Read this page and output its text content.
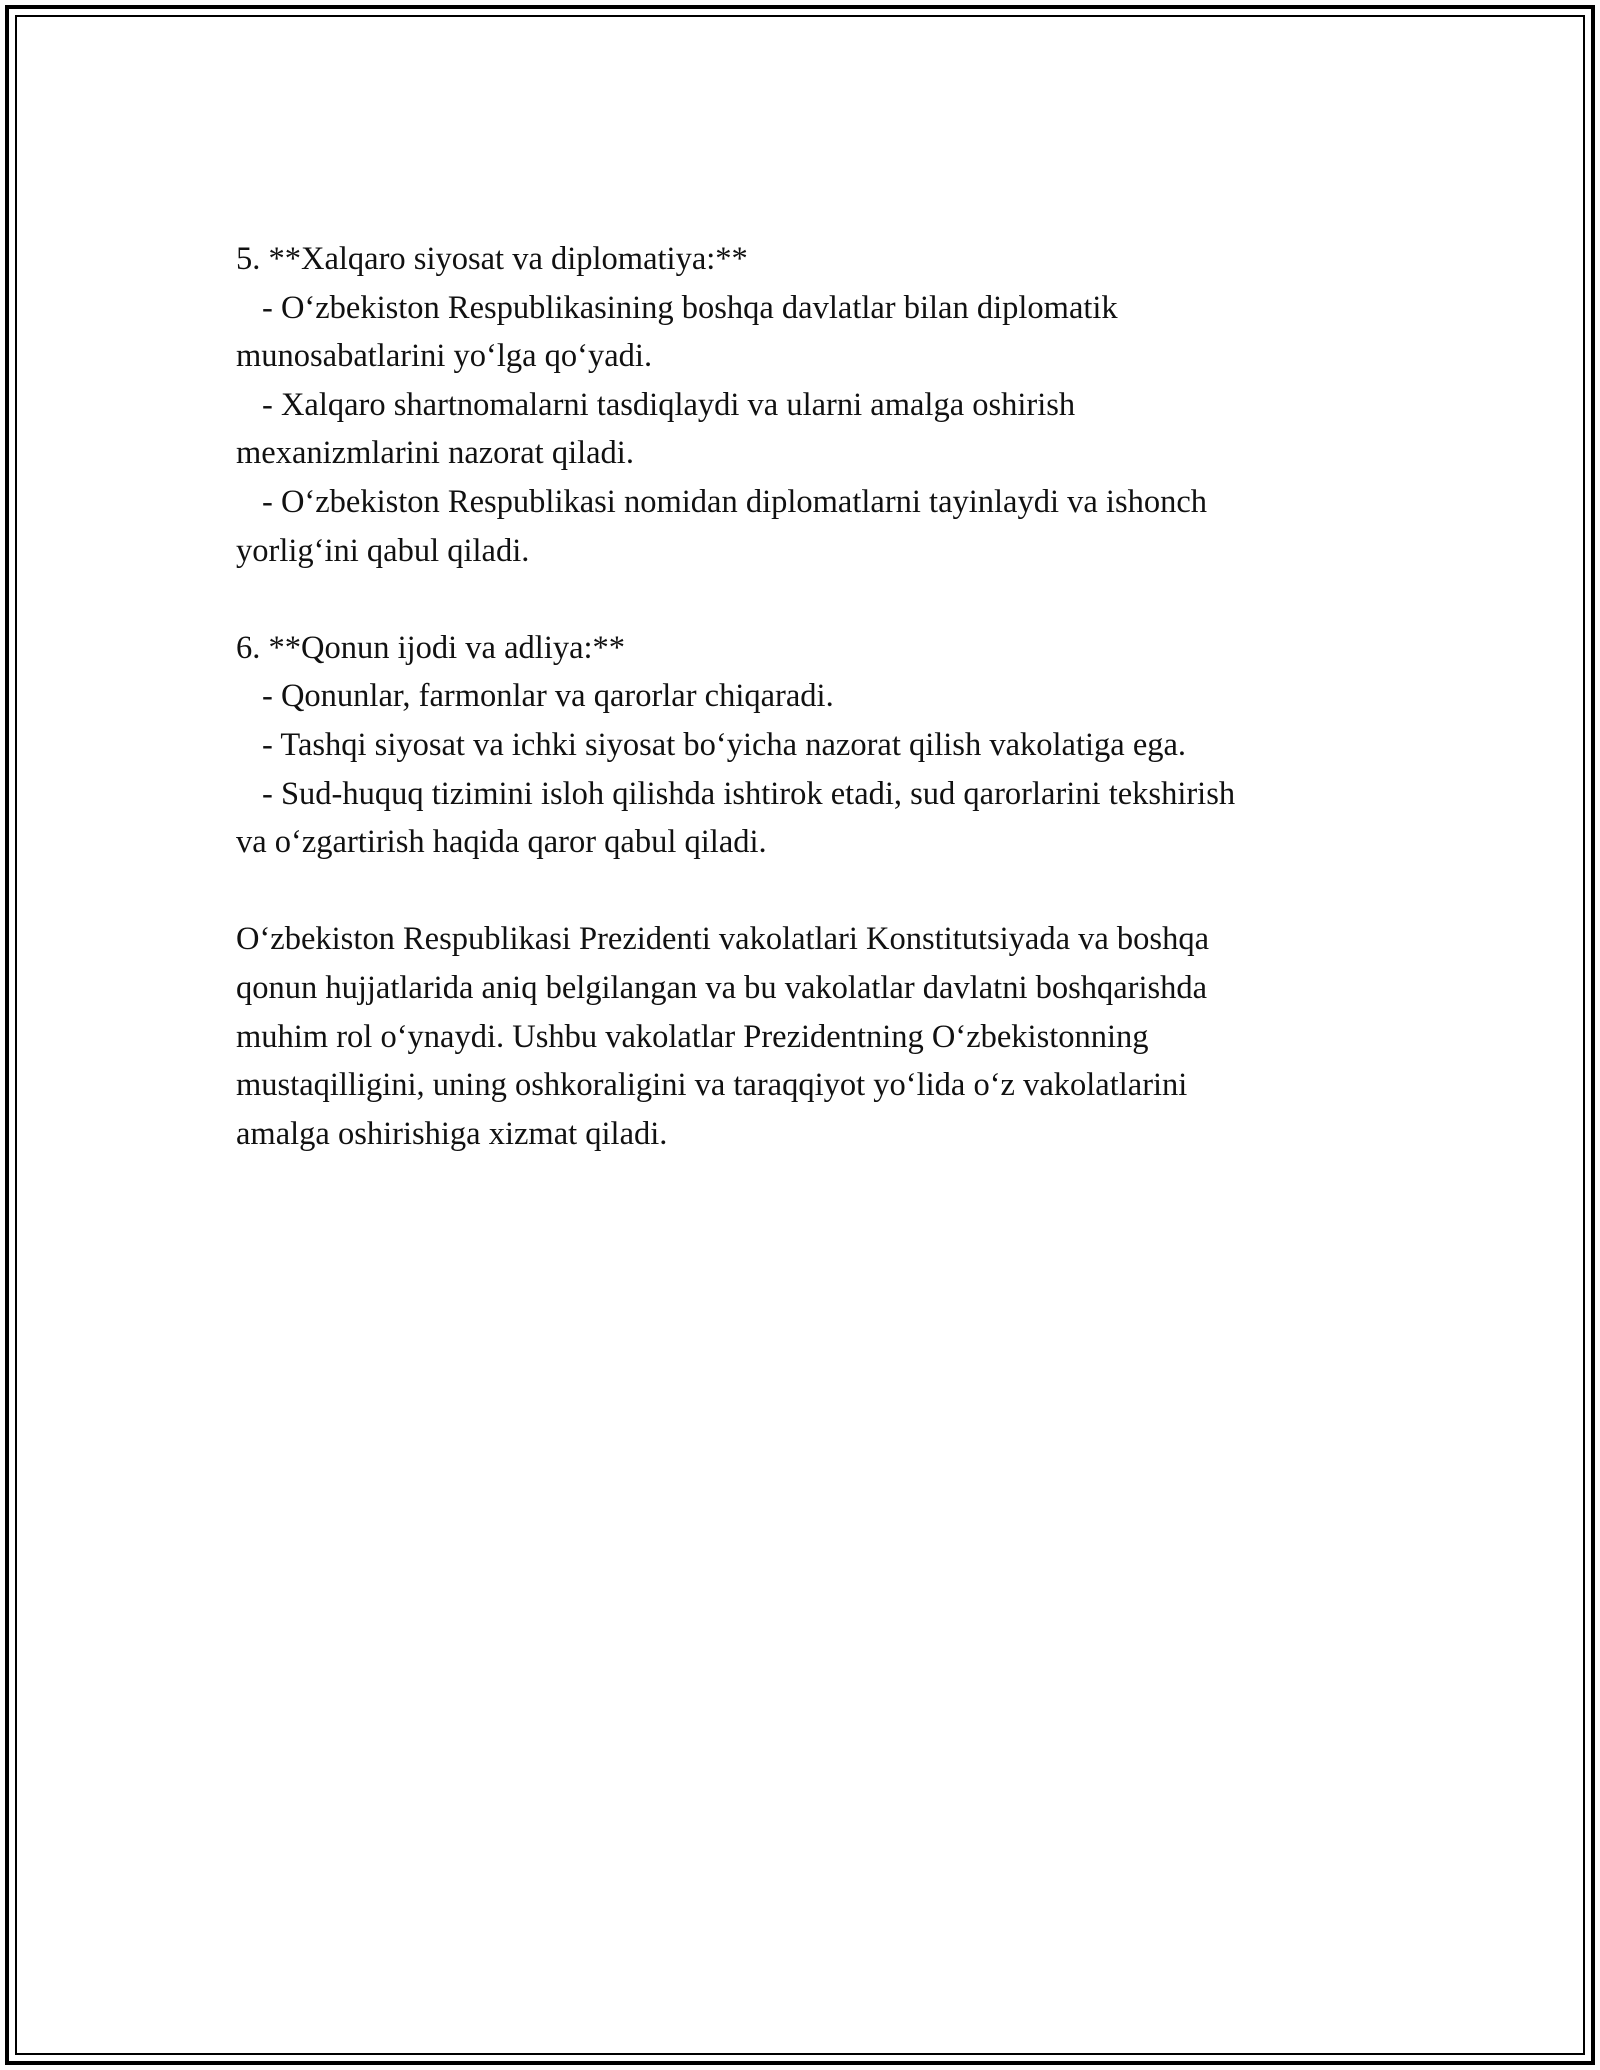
5. **Xalqaro siyosat va diplomatiya:**
- O‘zbekiston Respublikasining boshqa davlatlar bilan diplomatik
munosabatlarini yo‘lga qo‘yadi.
- Xalqaro shartnomalarni tasdiqlaydi va ularni amalga oshirish
mexanizmlarini nazorat qiladi.
- O‘zbekiston Respublikasi nomidan diplomatlarni tayinlaydi va ishonch
yorlig‘ini qabul qiladi.
6. **Qonun ijodi va adliya:**
- Qonunlar, farmonlar va qarorlar chiqaradi.
- Tashqi siyosat va ichki siyosat bo‘yicha nazorat qilish vakolatiga ega.
- Sud-huquq tizimini isloh qilishda ishtirok etadi, sud qarorlarini tekshirish
va o‘zgartirish haqida qaror qabul qiladi.
O‘zbekiston Respublikasi Prezidenti vakolatlari Konstitutsiyada va boshqa
qonun hujjatlarida aniq belgilangan va bu vakolatlar davlatni boshqarishda
muhim rol o‘ynaydi. Ushbu vakolatlar Prezidentning O‘zbekistonning
mustaqilligini, uning oshkoraligini va taraqqiyot yo‘lida o‘z vakolatlarini
amalga oshirishiga xizmat qiladi.
